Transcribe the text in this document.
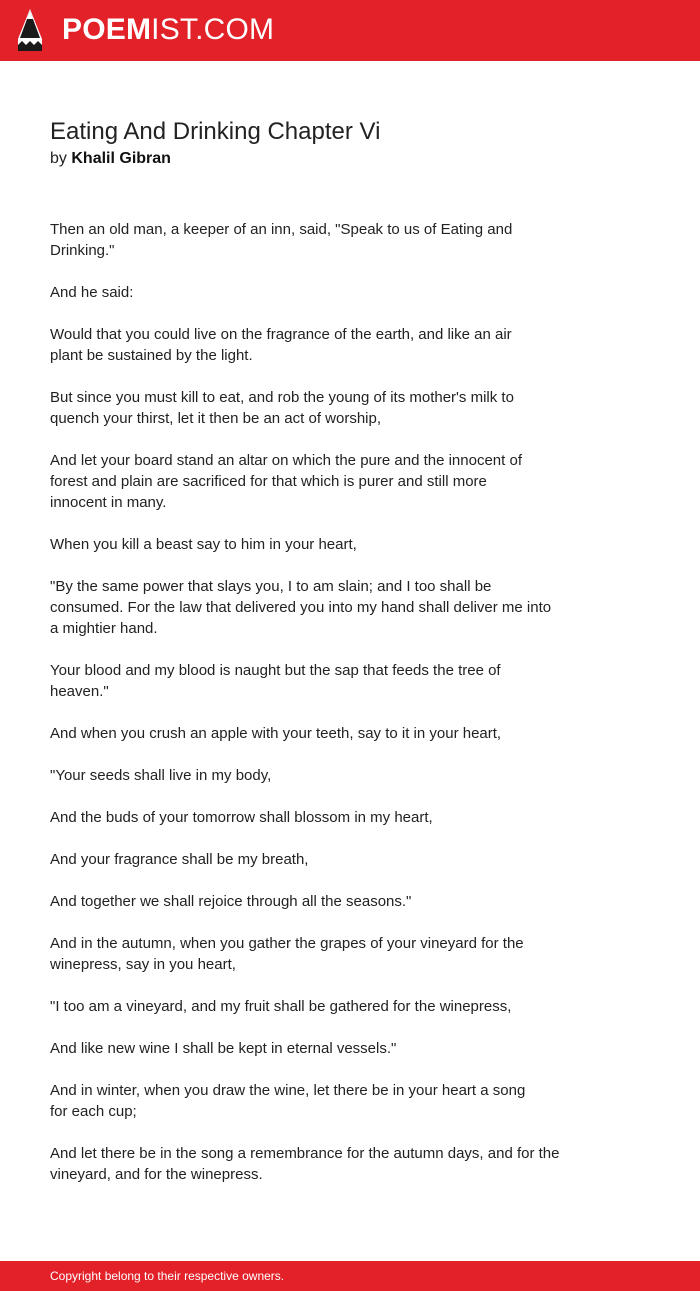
POEMIST.COM
Eating And Drinking Chapter Vi
by Khalil Gibran

Then an old man, a keeper of an inn, said, "Speak to us of Eating and
Drinking."

And he said:

Would that you could live on the fragrance of the earth, and like an air
plant be sustained by the light.

But since you must kill to eat, and rob the young of its mother's milk to
quench your thirst, let it then be an act of worship,

And let your board stand an altar on which the pure and the innocent of
forest and plain are sacrificed for that which is purer and still more
innocent in many.

When you kill a beast say to him in your heart,

"By the same power that slays you, I to am slain; and I too shall be
consumed. For the law that delivered you into my hand shall deliver me into
a mightier hand.

Your blood and my blood is naught but the sap that feeds the tree of
heaven."

And when you crush an apple with your teeth, say to it in your heart,

"Your seeds shall live in my body,

And the buds of your tomorrow shall blossom in my heart,

And your fragrance shall be my breath,

And together we shall rejoice through all the seasons."

And in the autumn, when you gather the grapes of your vineyard for the
winepress, say in you heart,

"I too am a vineyard, and my fruit shall be gathered for the winepress,

And like new wine I shall be kept in eternal vessels."

And in winter, when you draw the wine, let there be in your heart a song
for each cup;

And let there be in the song a remembrance for the autumn days, and for the
vineyard, and for the winepress.

Copyright belong to their respective owners.
